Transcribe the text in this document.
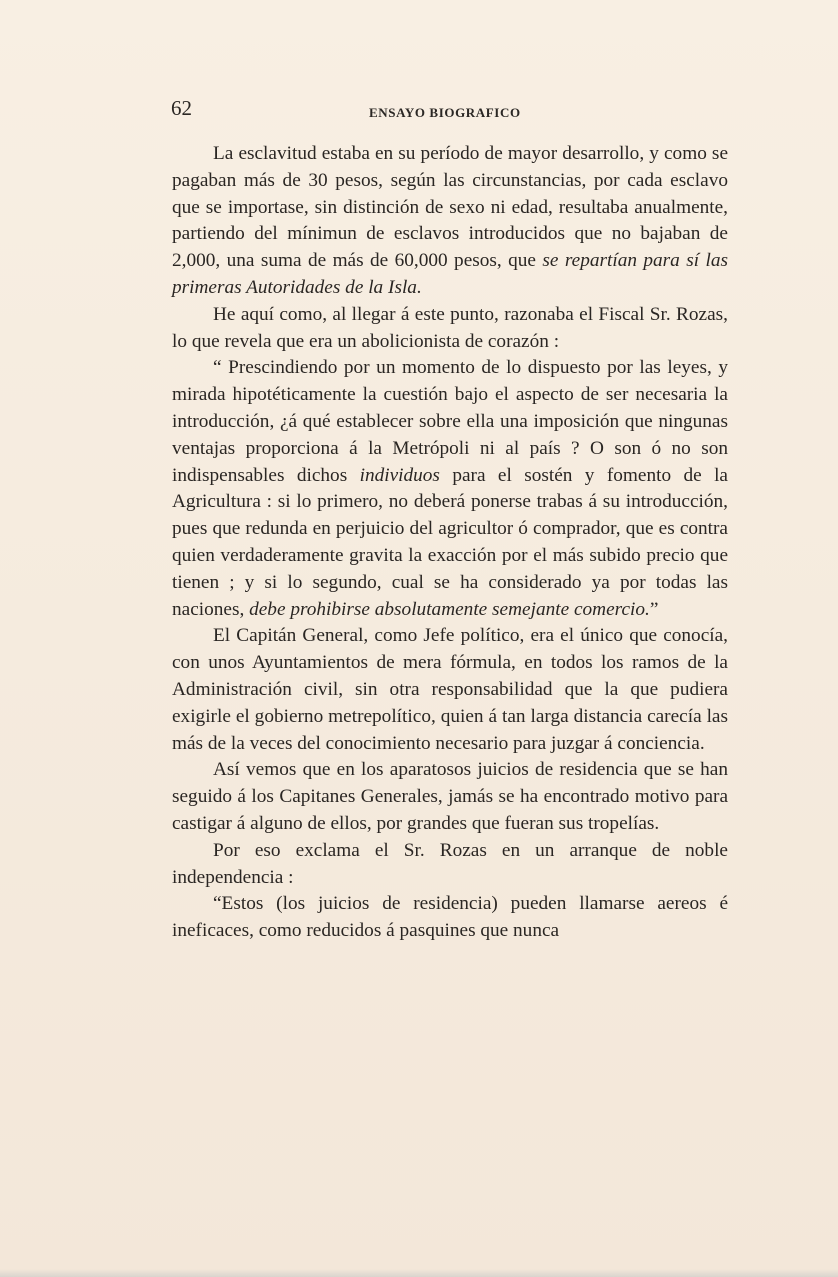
62	ENSAYO BIOGRAFICO

La esclavitud estaba en su período de mayor desarrollo, y como se pagaban más de 30 pesos, según las circunstancias, por cada esclavo que se importase, sin distinción de sexo ni edad, resultaba anualmente, partiendo del mínimun de esclavos introducidos que no bajaban de 2,000, una suma de más de 60,000 pesos, que se repartían para sí las primeras Autoridades de la Isla.

He aquí como, al llegar á este punto, razonaba el Fiscal Sr. Rozas, lo que revela que era un abolicionista de corazón :

“ Prescindiendo por un momento de lo dispuesto por las leyes, y mirada hipotéticamente la cuestión bajo el aspecto de ser necesaria la introducción, ¿á qué establecer sobre ella una imposición que ningunas ventajas proporciona á la Metrópoli ni al país ? O son ó no son indispensables dichos individuos para el sostén y fomento de la Agricultura : si lo primero, no deberá ponerse trabas á su introducción, pues que redunda en perjuicio del agricultor ó comprador, que es contra quien verdaderamente gravita la exacción por el más subido precio que tienen ; y si lo segundo, cual se ha considerado ya por todas las naciones, debe prohibirse absolutamente semejante comercio.”

El Capitán General, como Jefe político, era el único que conocía, con unos Ayuntamientos de mera fórmula, en todos los ramos de la Administración civil, sin otra responsabilidad que la que pudiera exigirle el gobierno metrepolítico, quien á tan larga distancia carecía las más de la veces del conocimiento necesario para juzgar á conciencia.

Así vemos que en los aparatosos juicios de residencia que se han seguido á los Capitanes Generales, jamás se ha encontrado motivo para castigar á alguno de ellos, por grandes que fueran sus tropelías.

Por eso exclama el Sr. Rozas en un arranque de noble independencia :

“Estos (los juicios de residencia) pueden llamarse aereos é ineficaces, como reducidos á pasquines que nunca
